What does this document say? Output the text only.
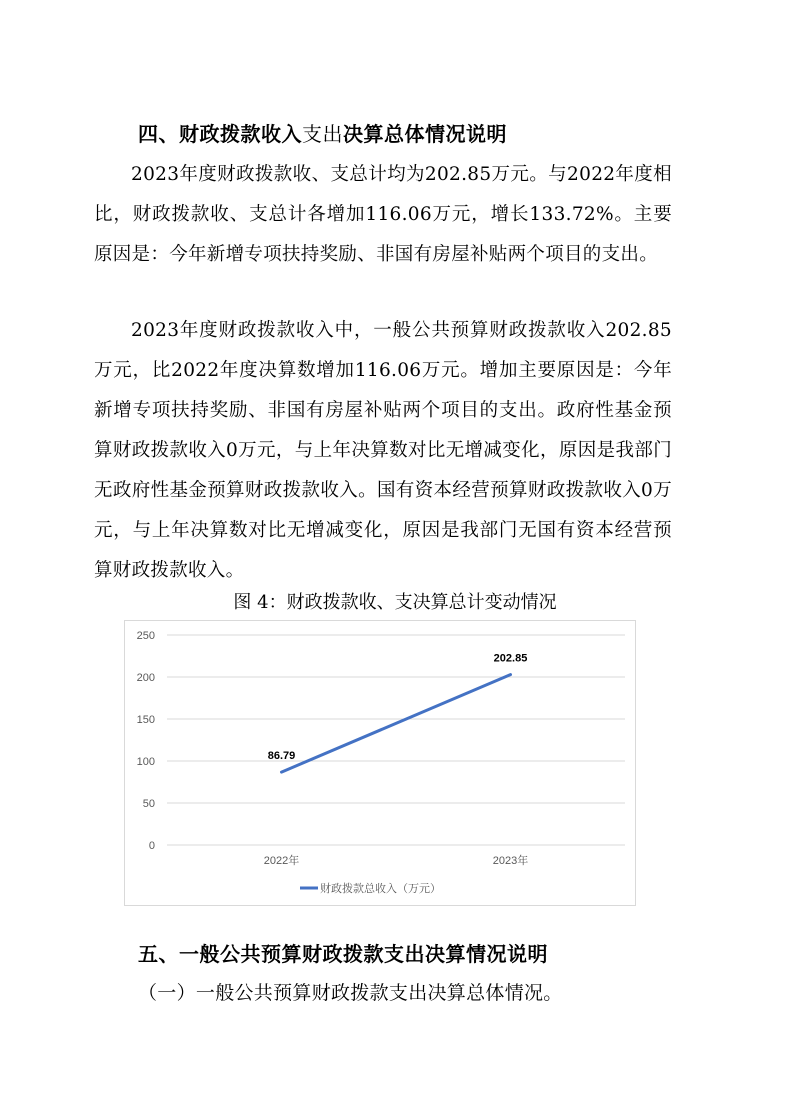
四、财政拨款收入支出决算总体情况说明

2023年度财政拨款收、支总计均为202.85万元。与2022年度相比，财政拨款收、支总计各增加116.06万元，增长133.72%。主要原因是：今年新增专项扶持奖励、非国有房屋补贴两个项目的支出。

2023年度财政拨款收入中，一般公共预算财政拨款收入202.85万元，比2022年度决算数增加116.06万元。增加主要原因是：今年新增专项扶持奖励、非国有房屋补贴两个项目的支出。政府性基金预算财政拨款收入0万元，与上年决算数对比无增减变化，原因是我部门无政府性基金预算财政拨款收入。国有资本经营预算财政拨款收入0万元，与上年决算数对比无增减变化，原因是我部门无国有资本经营预算财政拨款收入。

图 4：财政拨款收、支决算总计变动情况

0
50
100
150
200
250
2022年	2023年
86.79
202.85
财政拨款总收入（万元）
五、一般公共预算财政拨款支出决算情况说明

（一）一般公共预算财政拨款支出决算总体情况。
